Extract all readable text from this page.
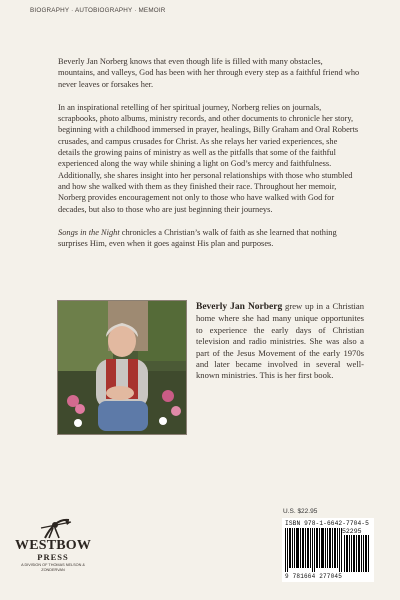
BIOGRAPHY · AUTOBIOGRAPHY · MEMOIR

Beverly Jan Norberg knows that even though life is filled with many obstacles, mountains, and valleys, God has been with her through every step as a faithful friend who never leaves or forsakes her.

In an inspirational retelling of her spiritual journey, Norberg relies on journals, scrapbooks, photo albums, ministry records, and other documents to chronicle her story, beginning with a childhood immersed in prayer, healings, Billy Graham and Oral Roberts crusades, and campus crusades for Christ. As she relays her varied experiences, she details the growing pains of ministry as well as the pitfalls that some of the faithful experienced along the way while shining a light on God’s mercy and faithfulness. Additionally, she shares insight into her personal relationships with those who stumbled and how she walked with them as they finished their race. Throughout her memoir, Norberg provides encouragement not only to those who have walked with God for decades, but also to those who are just beginning their journeys.

Songs in the Night chronicles a Christian’s walk of faith as she learned that nothing surprises Him, even when it goes against His plan and purposes.

Beverly Jan Norberg grew up in a Christian home where she had many unique opportunites to experience the early days of Christian television and radio ministries. She was also a part of the Jesus Movement of the early 1970s and later became involved in several well-known ministries. This is her first book.
U.S. $22.95
ISBN 978-1-6642-7704-5
52295
9 781664 277045
WESTBOW
PRESS
A DIVISION OF THOMAS NELSON & ZONDERVAN
